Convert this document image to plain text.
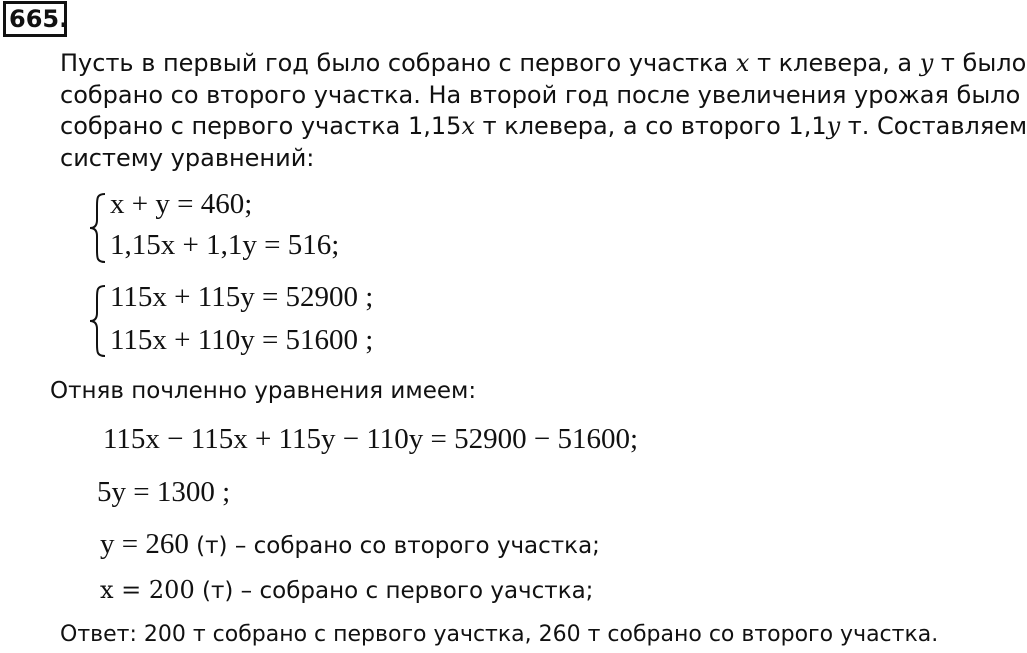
665.
Пусть в первый год было собрано с первого участка x т клевера, а y т было
собрано со второго участка. На второй год после увеличения урожая было
собрано с первого участка 1,15x т клевера, а со второго 1,1y т. Составляем
систему уравнений:
x + y = 460;
1,15x + 1,1y = 516;
115x + 115y = 52900 ;
115x + 110y = 51600 ;
Отняв почленно уравнения имеем:
115x − 115x + 115y − 110y = 52900 − 51600;
5y = 1300 ;
y = 260 (т) – собрано со второго участка;
x = 200 (т) – собрано с первого уачстка;
Ответ: 200 т собрано с первого уачстка, 260 т собрано со второго участка.
